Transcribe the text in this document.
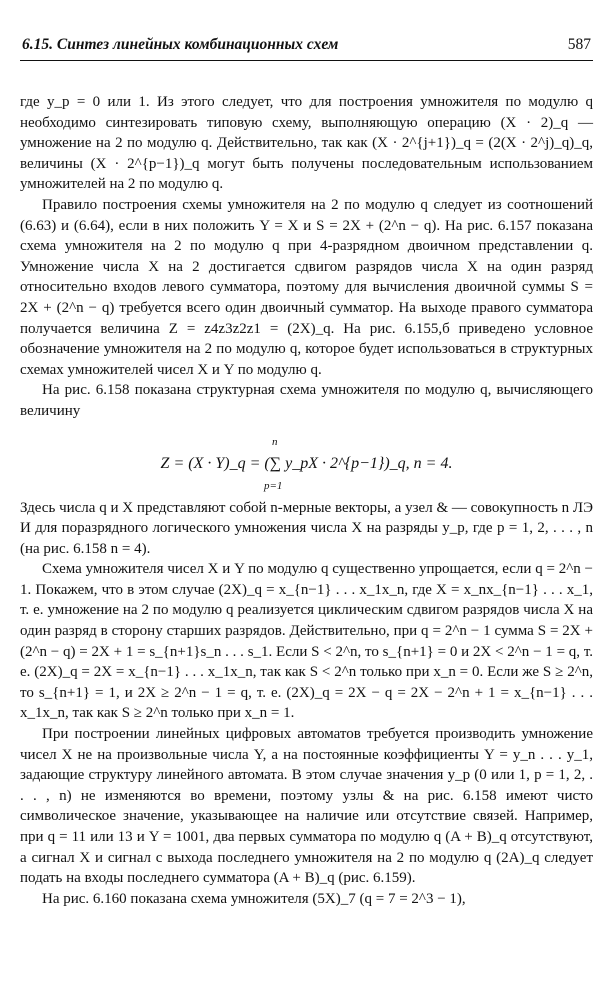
6.15. Синтез линейных комбинационных схем	587

где y_p = 0 или 1. Из этого следует, что для построения умножителя по модулю q необходимо синтезировать типовую схему, выполняющую операцию (X · 2)_q — умножение на 2 по модулю q. Действительно, так как (X · 2^{j+1})_q = (2(X · 2^j)_q)_q, величины (X · 2^{p−1})_q могут быть получены последовательным использованием умножителей на 2 по модулю q.

Правило построения схемы умножителя на 2 по модулю q следует из соотношений (6.63) и (6.64), если в них положить Y = X и S = 2X + (2^n − q). На рис. 6.157 показана схема умножителя на 2 по модулю q при 4-разрядном двоичном представлении q. Умножение числа X на 2 достигается сдвигом разрядов числа X на один разряд относительно входов левого сумматора, поэтому для вычисления двоичной суммы S = 2X + (2^n − q) требуется всего один двоичный сумматор. На выходе правого сумматора получается величина Z = z4z3z2z1 = (2X)_q. На рис. 6.155,б приведено условное обозначение умножителя на 2 по модулю q, которое будет использоваться в структурных схемах умножителей чисел X и Y по модулю q.

На рис. 6.158 показана структурная схема умножителя по модулю q, вычисляющего величину

n
Z = (X · Y)_q = (∑ y_pX · 2^{p−1})_q, n = 4.
p=1

Здесь числа q и X представляют собой n-мерные векторы, а узел & — совокупность n ЛЭ И для поразрядного логического умножения числа X на разряды y_p, где p = 1, 2, . . . , n (на рис. 6.158 n = 4).

Схема умножителя чисел X и Y по модулю q существенно упрощается, если q = 2^n − 1. Покажем, что в этом случае (2X)_q = x_{n−1} . . . x_1x_n, где X = x_nx_{n−1} . . . x_1, т. е. умножение на 2 по модулю q реализуется циклическим сдвигом разрядов числа X на один разряд в сторону старших разрядов. Действительно, при q = 2^n − 1 сумма S = 2X + (2^n − q) = 2X + 1 = s_{n+1}s_n . . . s_1. Если S < 2^n, то s_{n+1} = 0 и 2X < 2^n − 1 = q, т. е. (2X)_q = 2X = x_{n−1} . . . x_1x_n, так как S < 2^n только при x_n = 0. Если же S ≥ 2^n, то s_{n+1} = 1, и 2X ≥ 2^n − 1 = q, т. е. (2X)_q = 2X − q = 2X − 2^n + 1 = x_{n−1} . . . x_1x_n, так как S ≥ 2^n только при x_n = 1.

При построении линейных цифровых автоматов требуется производить умножение чисел X не на произвольные числа Y, а на постоянные коэффициенты Y = y_n . . . y_1, задающие структуру линейного автомата. В этом случае значения y_p (0 или 1, p = 1, 2, . . . , n) не изменяются во времени, поэтому узлы & на рис. 6.158 имеют чисто символическое значение, указывающее на наличие или отсутствие связей. Например, при q = 11 или 13 и Y = 1001, два первых сумматора по модулю q (A + B)_q отсутствуют, а сигнал X и сигнал с выхода последнего умножителя на 2 по модулю q (2A)_q следует подать на входы последнего сумматора (A + B)_q (рис. 6.159).

На рис. 6.160 показана схема умножителя (5X)_7 (q = 7 = 2^3 − 1),
